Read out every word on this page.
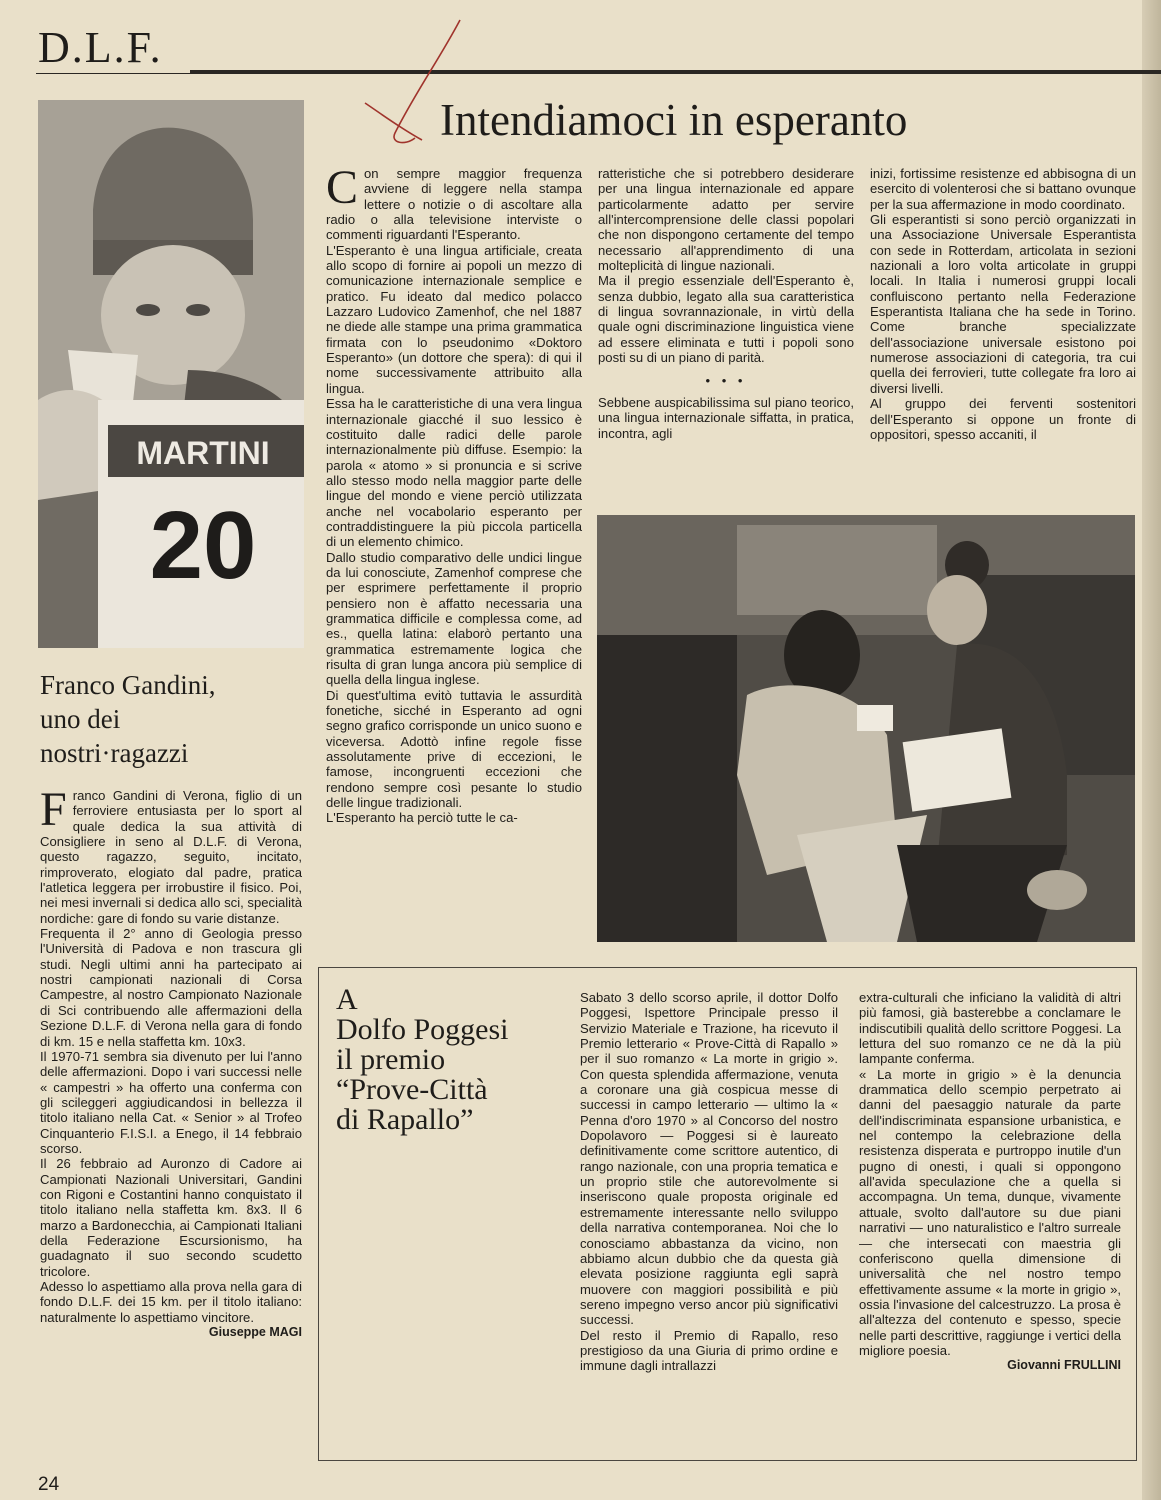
D.L.F.
Intendiamoci in esperanto
MARTINI
20
Franco Gandini,
uno dei
nostri·ragazzi
F ranco Gandini di Verona, figlio di un ferroviere entusiasta per lo sport al quale dedica la sua attività di Consigliere in seno al D.L.F. di Verona, questo ragazzo, seguito, incitato, rimproverato, elogiato dal padre, pratica l'atletica leggera per irrobustire il fisico. Poi, nei mesi invernali si dedica allo sci, specialità nordiche: gare di fondo su varie distanze.

Frequenta il 2° anno di Geologia presso l'Università di Padova e non trascura gli studi. Negli ultimi anni ha partecipato ai nostri campionati nazionali di Corsa Campestre, al nostro Campionato Nazionale di Sci contribuendo alle affermazioni della Sezione D.L.F. di Verona nella gara di fondo di km. 15 e nella staffetta km. 10x3.

Il 1970-71 sembra sia divenuto per lui l'anno delle affermazioni. Dopo i vari successi nelle « campestri » ha offerto una conferma con gli scileggeri aggiudicandosi in bellezza il titolo italiano nella Cat. « Senior » al Trofeo Cinquanterio F.I.S.I. a Enego, il 14 febbraio scorso.

Il 26 febbraio ad Auronzo di Cadore ai Campionati Nazionali Universitari, Gandini con Rigoni e Costantini hanno conquistato il titolo italiano nella staffetta km. 8x3. Il 6 marzo a Bardonecchia, ai Campionati Italiani della Federazione Escursionismo, ha guadagnato il suo secondo scudetto tricolore.

Adesso lo aspettiamo alla prova nella gara di fondo D.L.F. dei 15 km. per il titolo italiano: naturalmente lo aspettiamo vincitore.

Giuseppe MAGI

C on sempre maggior frequenza avviene di leggere nella stampa lettere o notizie o di ascoltare alla radio o alla televisione interviste o commenti riguardanti l'Esperanto.

L'Esperanto è una lingua artificiale, creata allo scopo di fornire ai popoli un mezzo di comunicazione internazionale semplice e pratico. Fu ideato dal medico polacco Lazzaro Ludovico Zamenhof, che nel 1887 ne diede alle stampe una prima grammatica firmata con lo pseudonimo «Doktoro Esperanto» (un dottore che spera): di qui il nome successivamente attribuito alla lingua.

Essa ha le caratteristiche di una vera lingua internazionale giacché il suo lessico è costituito dalle radici delle parole internazionalmente più diffuse. Esempio: la parola « atomo » si pronuncia e si scrive allo stesso modo nella maggior parte delle lingue del mondo e viene perciò utilizzata anche nel vocabolario esperanto per contraddistinguere la più piccola particella di un elemento chimico.

Dallo studio comparativo delle undici lingue da lui conosciute, Zamenhof comprese che per esprimere perfettamente il proprio pensiero non è affatto necessaria una grammatica difficile e complessa come, ad es., quella latina: elaborò pertanto una grammatica estremamente logica che risulta di gran lunga ancora più semplice di quella della lingua inglese.

Di quest'ultima evitò tuttavia le assurdità fonetiche, sicché in Esperanto ad ogni segno grafico corrisponde un unico suono e viceversa. Adottò infine regole fisse assolutamente prive di eccezioni, le famose, incongruenti eccezioni che rendono sempre così pesante lo studio delle lingue tradizionali.

L'Esperanto ha perciò tutte le ca-

ratteristiche che si potrebbero desiderare per una lingua internazionale ed appare particolarmente adatto per servire all'intercomprensione delle classi popolari che non dispongono certamente del tempo necessario all'apprendimento di una molteplicità di lingue nazionali.

Ma il pregio essenziale dell'Esperanto è, senza dubbio, legato alla sua caratteristica di lingua sovrannazionale, in virtù della quale ogni discriminazione linguistica viene ad essere eliminata e tutti i popoli sono posti su di un piano di parità.

• • •

Sebbene auspicabilissima sul piano teorico, una lingua internazionale siffatta, in pratica, incontra, agli

inizi, fortissime resistenze ed abbisogna di un esercito di volenterosi che si battano ovunque per la sua affermazione in modo coordinato.

Gli esperantisti si sono perciò organizzati in una Associazione Universale Esperantista con sede in Rotterdam, articolata in sezioni nazionali a loro volta articolate in gruppi locali. In Italia i numerosi gruppi locali confluiscono pertanto nella Federazione Esperantista Italiana che ha sede in Torino. Come branche specializzate dell'associazione universale esistono poi numerose associazioni di categoria, tra cui quella dei ferrovieri, tutte collegate fra loro ai diversi livelli.

Al gruppo dei ferventi sostenitori dell'Esperanto si oppone un fronte di oppositori, spesso accaniti, il

A
Dolfo Poggesi
il premio
“Prove-Città
di Rapallo”

Sabato 3 dello scorso aprile, il dottor Dolfo Poggesi, Ispettore Principale presso il Servizio Materiale e Trazione, ha ricevuto il Premio letterario « Prove-Città di Rapallo » per il suo romanzo « La morte in grigio ». Con questa splendida affermazione, venuta a coronare una già cospicua messe di successi in campo letterario — ultimo la « Penna d'oro 1970 » al Concorso del nostro Dopolavoro — Poggesi si è laureato definitivamente come scrittore autentico, di rango nazionale, con una propria tematica e un proprio stile che autorevolmente si inseriscono quale proposta originale ed estremamente interessante nello sviluppo della narrativa contemporanea. Noi che lo conosciamo abbastanza da vicino, non abbiamo alcun dubbio che da questa già elevata posizione raggiunta egli saprà muovere con maggiori possibilità e più sereno impegno verso ancor più significativi successi.

Del resto il Premio di Rapallo, reso prestigioso da una Giuria di primo ordine e immune dagli intrallazzi

extra-culturali che inficiano la validità di altri più famosi, già basterebbe a conclamare le indiscutibili qualità dello scrittore Poggesi. La lettura del suo romanzo ce ne dà la più lampante conferma.

« La morte in grigio » è la denuncia drammatica dello scempio perpetrato ai danni del paesaggio naturale da parte dell'indiscriminata espansione urbanistica, e nel contempo la celebrazione della resistenza disperata e purtroppo inutile d'un pugno di onesti, i quali si oppongono all'avida speculazione che a quella si accompagna. Un tema, dunque, vivamente attuale, svolto dall'autore su due piani narrativi — uno naturalistico e l'altro surreale — che intersecati con maestria gli conferiscono quella dimensione di universalità che nel nostro tempo effettivamente assume « la morte in grigio », ossia l'invasione del calcestruzzo. La prosa è all'altezza del contenuto e spesso, specie nelle parti descrittive, raggiunge i vertici della migliore poesia.

Giovanni FRULLINI

24
